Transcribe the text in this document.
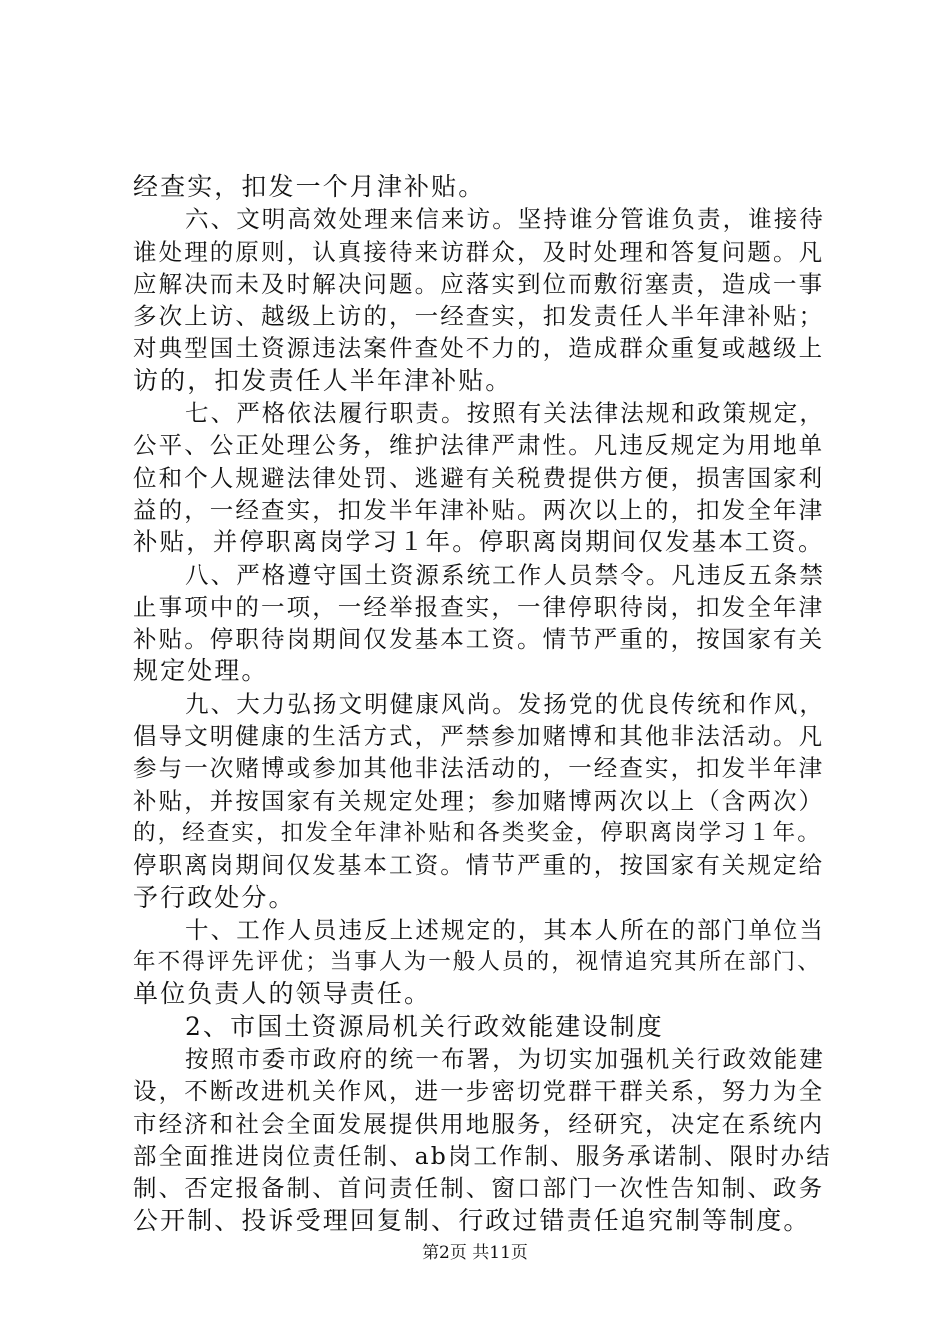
经查实，扣发一个月津补贴。
六、文明高效处理来信来访。坚持谁分管谁负责，谁接待
谁处理的原则，认真接待来访群众，及时处理和答复问题。凡
应解决而未及时解决问题。应落实到位而敷衍塞责，造成一事
多次上访、越级上访的，一经查实，扣发责任人半年津补贴；
对典型国土资源违法案件查处不力的，造成群众重复或越级上
访的，扣发责任人半年津补贴。
七、严格依法履行职责。按照有关法律法规和政策规定，
公平、公正处理公务，维护法律严肃性。凡违反规定为用地单
位和个人规避法律处罚、逃避有关税费提供方便，损害国家利
益的，一经查实，扣发半年津补贴。两次以上的，扣发全年津
补贴，并停职离岗学习１年。停职离岗期间仅发基本工资。
八、严格遵守国土资源系统工作人员禁令。凡违反五条禁
止事项中的一项，一经举报查实，一律停职待岗，扣发全年津
补贴。停职待岗期间仅发基本工资。情节严重的，按国家有关
规定处理。
九、大力弘扬文明健康风尚。发扬党的优良传统和作风，
倡导文明健康的生活方式，严禁参加赌博和其他非法活动。凡
参与一次赌博或参加其他非法活动的，一经查实，扣发半年津
补贴，并按国家有关规定处理；参加赌博两次以上（含两次）
的，经查实，扣发全年津补贴和各类奖金，停职离岗学习１年。
停职离岗期间仅发基本工资。情节严重的，按国家有关规定给
予行政处分。
十、工作人员违反上述规定的，其本人所在的部门单位当
年不得评先评优；当事人为一般人员的，视情追究其所在部门、
单位负责人的领导责任。
2、市国土资源局机关行政效能建设制度
按照市委市政府的统一布署，为切实加强机关行政效能建
设，不断改进机关作风，进一步密切党群干群关系，努力为全
市经济和社会全面发展提供用地服务，经研究，决定在系统内
部全面推进岗位责任制、ab岗工作制、服务承诺制、限时办结
制、否定报备制、首问责任制、窗口部门一次性告知制、政务
公开制、投诉受理回复制、行政过错责任追究制等制度。
第2页 共11页
